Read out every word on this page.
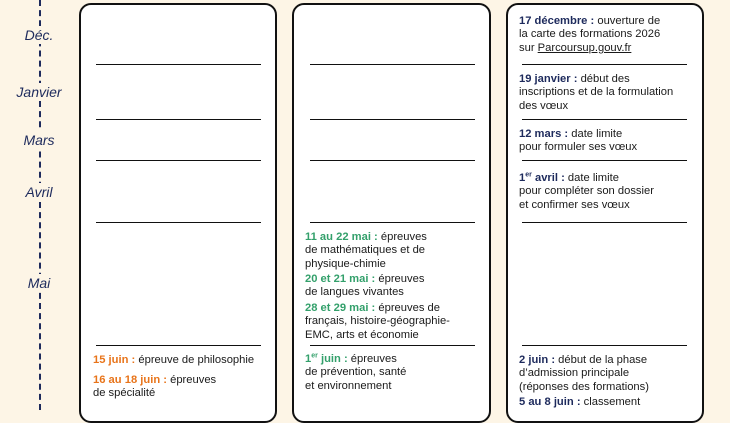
Déc.
Janvier
Mars
Avril
Mai
15 juin : épreuve de philosophie
16 au 18 juin : épreuves
de spécialité
11 au 22 mai : épreuves
de mathématiques et de
physique-chimie
20 et 21 mai : épreuves
de langues vivantes
28 et 29 mai : épreuves de
français, histoire-géographie-
EMC, arts et économie
1er juin : épreuves
de prévention, santé
et environnement
17 décembre : ouverture de
la carte des formations 2026
sur Parcoursup.gouv.fr
19 janvier : début des
inscriptions et de la formulation
des vœux
12 mars : date limite
pour formuler ses vœux
1er avril : date limite
pour compléter son dossier
et confirmer ses vœux
2 juin : début de la phase
d’admission principale
(réponses des formations)
5 au 8 juin : classement
